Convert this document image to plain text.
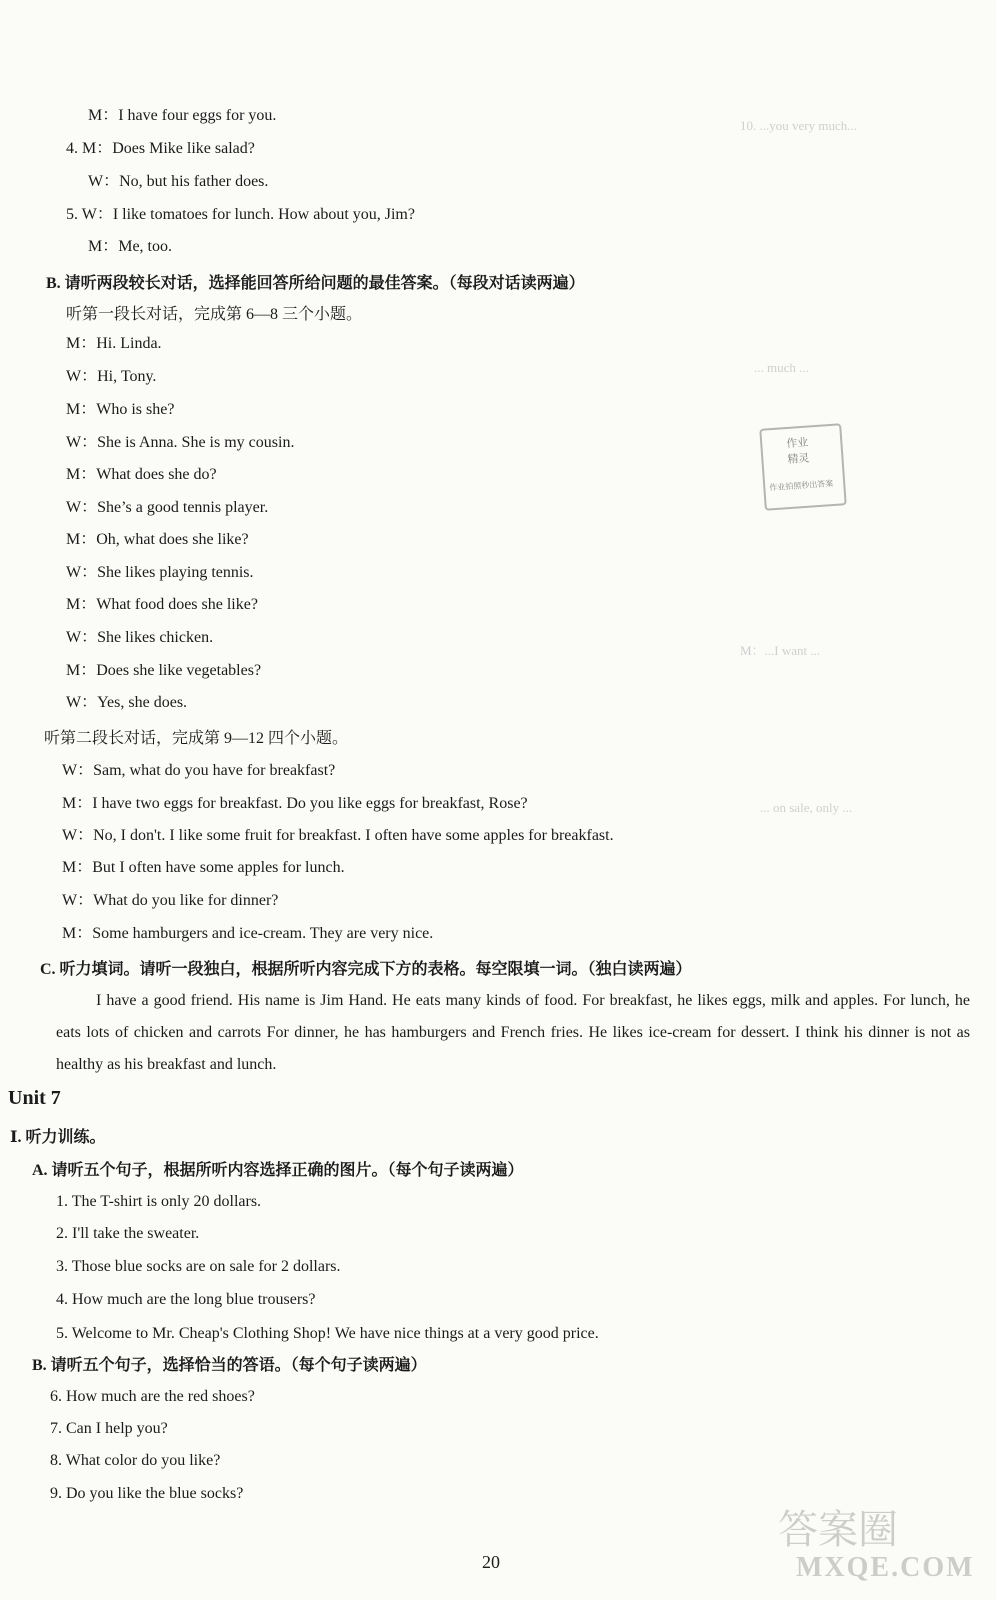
10. ...you very much...
... much ...
M：...I want ...
... on sale, only ...
M：I have four eggs for you.
4. M：Does Mike like salad?
W：No, but his father does.
5. W：I like tomatoes for lunch. How about you, Jim?
M：Me, too.
B. 请听两段较长对话，选择能回答所给问题的最佳答案。（每段对话读两遍）
听第一段长对话，完成第 6—8 三个小题。
M：Hi. Linda.
W：Hi, Tony.
M：Who is she?
W：She is Anna. She is my cousin.
M：What does she do?
W：She’s a good tennis player.
M：Oh, what does she like?
W：She likes playing tennis.
M：What food does she like?
W：She likes chicken.
M：Does she like vegetables?
W：Yes, she does.
听第二段长对话，完成第 9—12 四个小题。
W：Sam, what do you have for breakfast?
M：I have two eggs for breakfast. Do you like eggs for breakfast, Rose?
W：No, I don't. I like some fruit for breakfast. I often have some apples for breakfast.
M：But I often have some apples for lunch.
W：What do you like for dinner?
M：Some hamburgers and ice-cream. They are very nice.
作业
精灵
作业拍照秒出答案
C. 听力填词。请听一段独白，根据所听内容完成下方的表格。每空限填一词。（独白读两遍）
I have a good friend. His name is Jim Hand. He eats many kinds of food. For breakfast, he likes eggs, milk and apples. For lunch, he eats lots of chicken and carrots For dinner, he has hamburgers and French fries. He likes ice-cream for dessert. I think his dinner is not as healthy as his breakfast and lunch.
Unit 7
Ⅰ. 听力训练。
A. 请听五个句子，根据所听内容选择正确的图片。（每个句子读两遍）
1. The T-shirt is only 20 dollars.
2. I'll take the sweater.
3. Those blue socks are on sale for 2 dollars.
4. How much are the long blue trousers?
5. Welcome to Mr. Cheap's Clothing Shop! We have nice things at a very good price.
B. 请听五个句子，选择恰当的答语。（每个句子读两遍）
6. How much are the red shoes?
7. Can I help you?
8. What color do you like?
9. Do you like the blue socks?
20
答案圈
MXQE.COM
